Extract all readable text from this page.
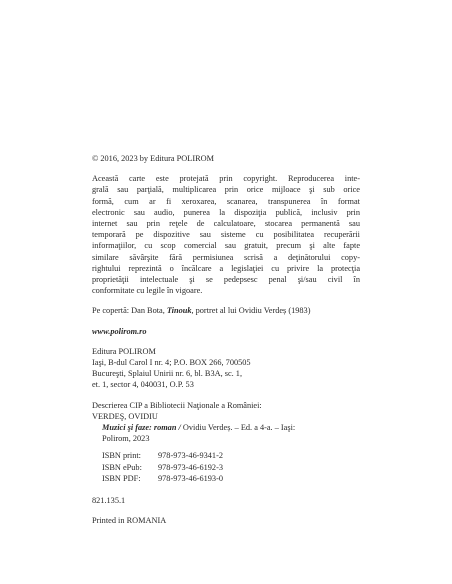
© 2016, 2023 by Editura POLIROM
Această carte este protejată prin copyright. Reproducerea inte-
grală sau parţială, multiplicarea prin orice mijloace şi sub orice
formă, cum ar fi xeroxarea, scanarea, transpunerea în format
electronic sau audio, punerea la dispoziţia publică, inclusiv prin
internet sau prin reţele de calculatoare, stocarea permanentă sau
temporară pe dispozitive sau sisteme cu posibilitatea recuperării
informaţiilor, cu scop comercial sau gratuit, precum şi alte fapte
similare săvârşite fără permisiunea scrisă a deţinătorului copy-
rightului reprezintă o încălcare a legislaţiei cu privire la protecţia
proprietăţii intelectuale şi se pedepsesc penal şi/sau civil în
conformitate cu legile în vigoare.
Pe copertă: Dan Bota, Tinouk, portret al lui Ovidiu Verdeș (1983)
www.polirom.ro
Editura POLIROM
Iaşi, B-dul Carol I nr. 4; P.O. BOX 266, 700505
Bucureşti, Splaiul Unirii nr. 6, bl. B3A, sc. 1,
et. 1, sector 4, 040031, O.P. 53
Descrierea CIP a Bibliotecii Naţionale a României:
VERDEŞ, OVIDIU
Muzici şi faze: roman / Ovidiu Verdeș. – Ed. a 4-a. – Iaşi:
Polirom, 2023
ISBN print:	978-973-46-9341-2
ISBN ePub:	978-973-46-6192-3
ISBN PDF:	978-973-46-6193-0
821.135.1
Printed in ROMANIA
